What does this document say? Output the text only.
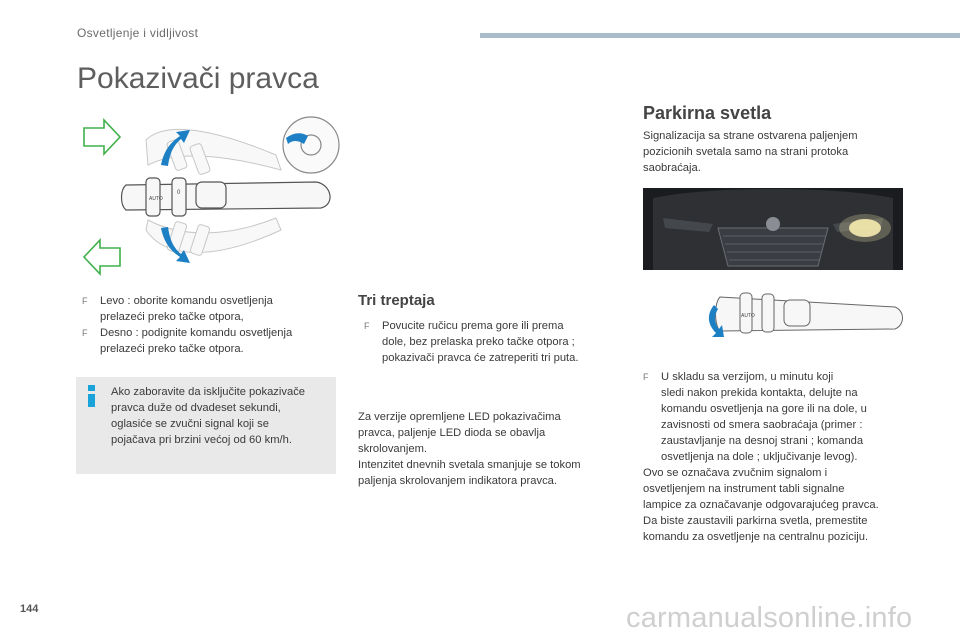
Osvetljenje i vidljivost
Pokazivači pravca
AUTO
0
F Levo : oborite komandu osvetljenja
prelazeći preko tačke otpora,
F Desno : podignite komandu osvetljenja
prelazeći preko tačke otpora.
Ako zaboravite da isključite pokazivače
pravca duže od dvadeset sekundi,
oglasiće se zvučni signal koji se
pojačava pri brzini većoj od 60 km/h.
Tri treptaja
F Povucite ručicu prema gore ili prema
dole, bez prelaska preko tačke otpora ;
pokazivači pravca će zatreperiti tri puta.
Za verzije opremljene LED pokazivačima
pravca, paljenje LED dioda se obavlja
skrolovanjem.
Intenzitet dnevnih svetala smanjuje se tokom
paljenja skrolovanjem indikatora pravca.
Parkirna svetla
Signalizacija sa strane ostvarena paljenjem
pozicionih svetala samo na strani protoka
saobraćaja.
AUTO
F U skladu sa verzijom, u minutu koji
sledi nakon prekida kontakta, delujte na
komandu osvetljenja na gore ili na dole, u
zavisnosti od smera saobraćaja (primer :
zaustavljanje na desnoj strani ; komanda
osvetljenja na dole ; uključivanje levog).
Ovo se označava zvučnim signalom i
osvetljenjem na instrument tabli signalne
lampice za označavanje odgovarajućeg pravca.
Da biste zaustavili parkirna svetla, premestite
komandu za osvetljenje na centralnu poziciju.
144	carmanualsonline.info
